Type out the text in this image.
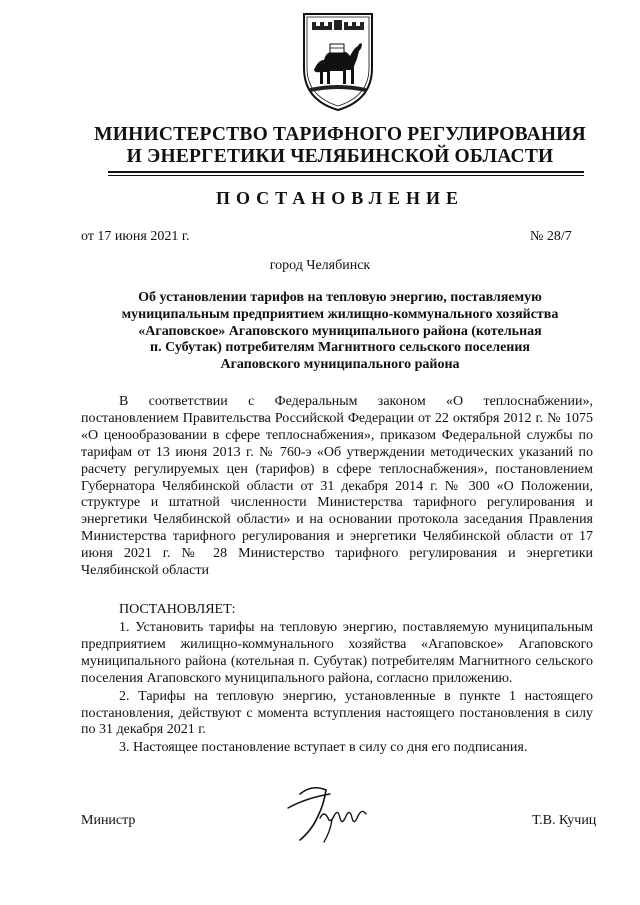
МИНИСТЕРСТВО ТАРИФНОГО РЕГУЛИРОВАНИЯ
И ЭНЕРГЕТИКИ ЧЕЛЯБИНСКОЙ ОБЛАСТИ
ПОСТАНОВЛЕНИЕ
от 17 июня 2021 г.	№ 28/7
город Челябинск
Об установлении тарифов на тепловую энергию, поставляемую
муниципальным предприятием жилищно-коммунального хозяйства
«Агаповское» Агаповского муниципального района (котельная
п. Субутак) потребителям Магнитного сельского поселения
Агаповского муниципального района

В соответствии с Федеральным законом «О теплоснабжении», постановлением Правительства Российской Федерации от 22 октября 2012 г. № 1075 «О ценообразовании в сфере теплоснабжения», приказом Федеральной службы по тарифам от 13 июня 2013 г. № 760-э «Об утверждении методических указаний по расчету регулируемых цен (тарифов) в сфере теплоснабжения», постановлением Губернатора Челябинской области от 31 декабря 2014 г. № 300 «О Положении, структуре и штатной численности Министерства тарифного регулирования и энергетики Челябинской области» и на основании протокола заседания Правления Министерства тарифного регулирования и энергетики Челябинской области от 17 июня 2021 г. № 28 Министерство тарифного регулирования и энергетики Челябинской области

ПОСТАНОВЛЯЕТ:

1. Установить тарифы на тепловую энергию, поставляемую муниципальным предприятием жилищно-коммунального хозяйства «Агаповское» Агаповского муниципального района (котельная п. Субутак) потребителям Магнитного сельского поселения Агаповского муниципального района, согласно приложению.

2. Тарифы на тепловую энергию, установленные в пункте 1 настоящего постановления, действуют с момента вступления настоящего постановления в силу по 31 декабря 2021 г.

3. Настоящее постановление вступает в силу со дня его подписания.

Министр	Т.В. Кучиц
